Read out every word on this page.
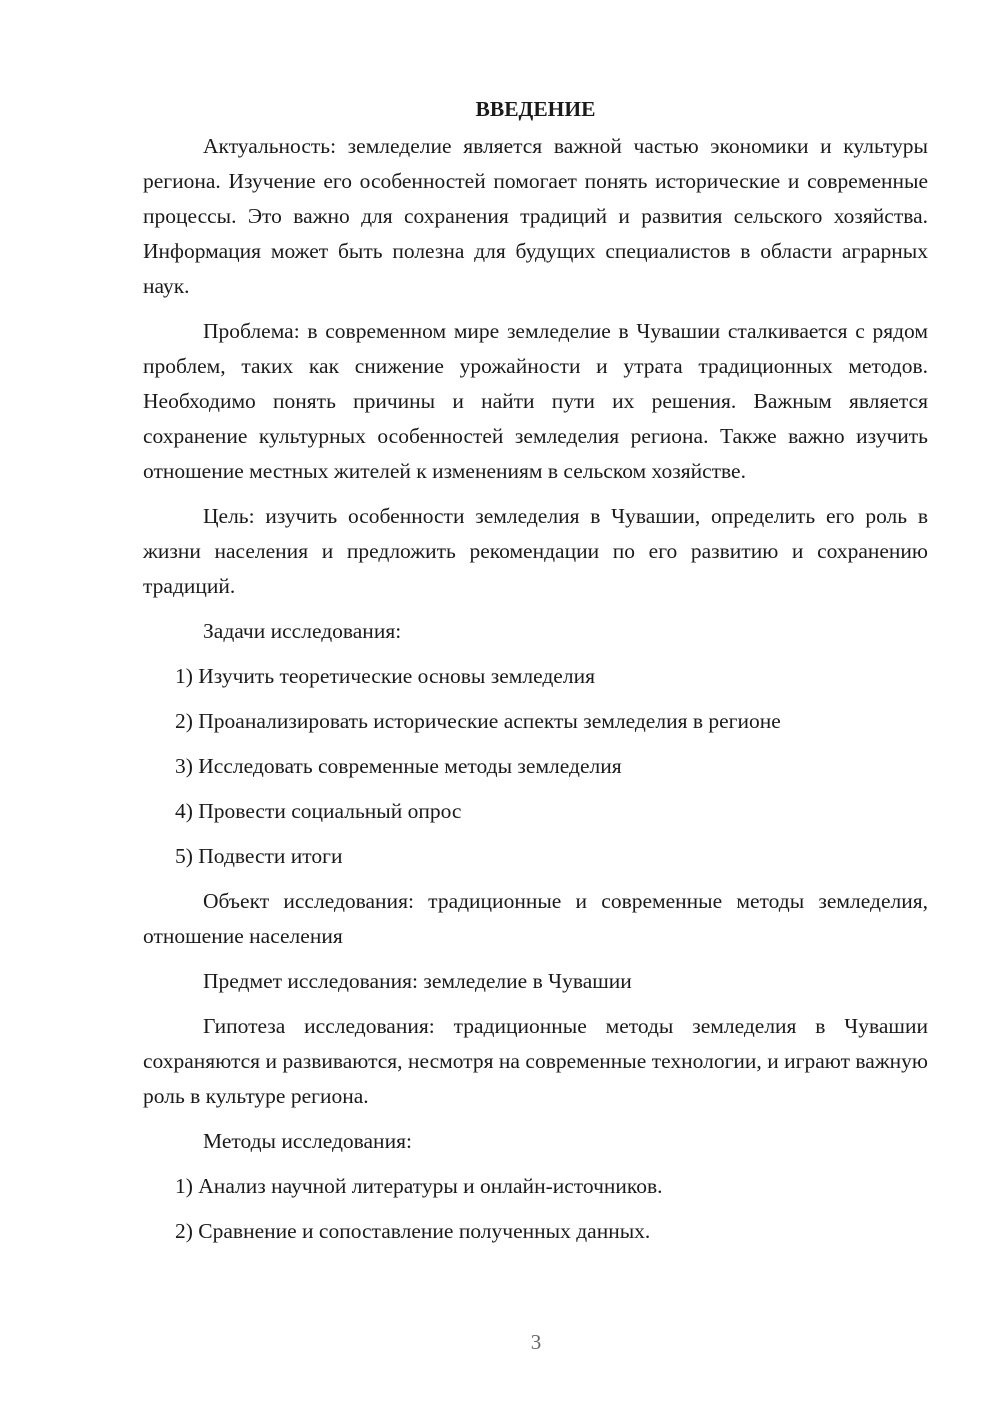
ВВЕДЕНИЕ

Актуальность: земледелие является важной частью экономики и культуры региона. Изучение его особенностей помогает понять исторические и современные процессы. Это важно для сохранения традиций и развития сельского хозяйства. Информация может быть полезна для будущих специалистов в области аграрных наук.

Проблема: в современном мире земледелие в Чувашии сталкивается с рядом проблем, таких как снижение урожайности и утрата традиционных методов. Необходимо понять причины и найти пути их решения. Важным является сохранение культурных особенностей земледелия региона. Также важно изучить отношение местных жителей к изменениям в сельском хозяйстве.

Цель: изучить особенности земледелия в Чувашии, определить его роль в жизни населения и предложить рекомендации по его развитию и сохранению традиций.

Задачи исследования:

1) Изучить теоретические основы земледелия

2) Проанализировать исторические аспекты земледелия в регионе

3) Исследовать современные методы земледелия

4) Провести социальный опрос

5) Подвести итоги

Объект исследования: традиционные и современные методы земледелия, отношение населения

Предмет исследования: земледелие в Чувашии

Гипотеза исследования: традиционные методы земледелия в Чувашии сохраняются и развиваются, несмотря на современные технологии, и играют важную роль в культуре региона.

Методы исследования:

1) Анализ научной литературы и онлайн-источников.

2) Сравнение и сопоставление полученных данных.

3
